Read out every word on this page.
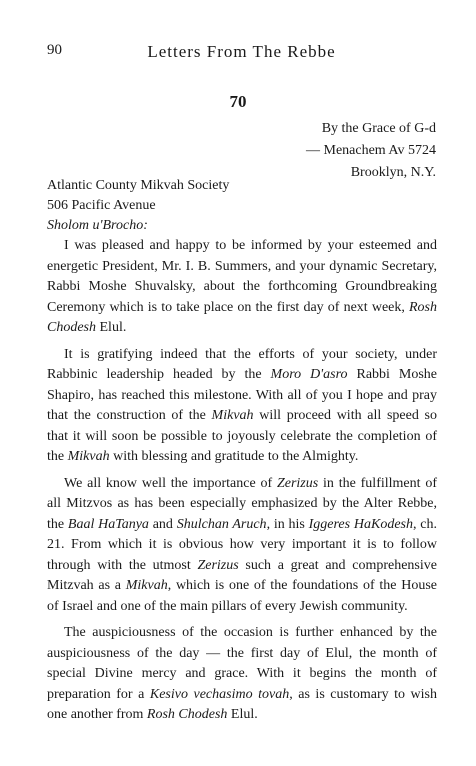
90	Letters From The Rebbe
70
By the Grace of G-d
— Menachem Av 5724
Brooklyn, N.Y.
Atlantic County Mikvah Society
506 Pacific Avenue
Sholom u'Brocho:

I was pleased and happy to be informed by your esteemed and energetic President, Mr. I. B. Summers, and your dynamic Secretary, Rabbi Moshe Shuvalsky, about the forthcoming Groundbreaking Ceremony which is to take place on the first day of next week, Rosh Chodesh Elul.

It is gratifying indeed that the efforts of your society, under Rabbinic leadership headed by the Moro D'asro Rabbi Moshe Shapiro, has reached this milestone. With all of you I hope and pray that the construction of the Mikvah will proceed with all speed so that it will soon be possible to joyously celebrate the completion of the Mikvah with blessing and gratitude to the Almighty.

We all know well the importance of Zerizus in the fulfillment of all Mitzvos as has been especially emphasized by the Alter Rebbe, the Baal HaTanya and Shulchan Aruch, in his Iggeres HaKodesh, ch. 21. From which it is obvious how very important it is to follow through with the utmost Zerizus such a great and comprehensive Mitzvah as a Mikvah, which is one of the foundations of the House of Israel and one of the main pillars of every Jewish community.

The auspiciousness of the occasion is further enhanced by the auspiciousness of the day — the first day of Elul, the month of special Divine mercy and grace. With it begins the month of preparation for a Kesivo vechasimo tovah, as is customary to wish one another from Rosh Chodesh Elul.
